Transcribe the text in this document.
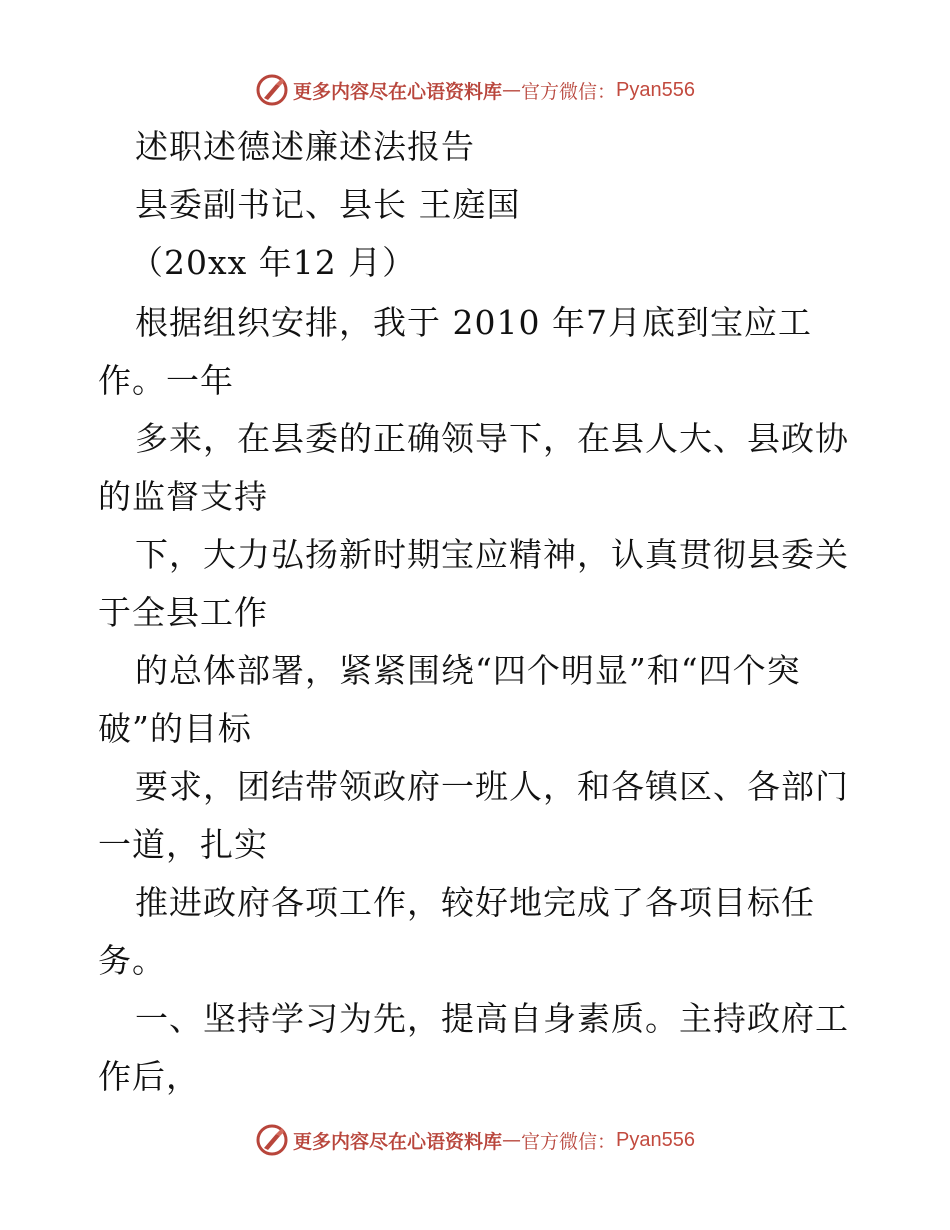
更多内容尽在心语资料库 — 官方微信： Pyan556
述职述德述廉述法报告
县委副书记、县长 王庭国
（20xx 年12 月）
根据组织安排，我于 2010 年7月底到宝应工
作。一年
多来，在县委的正确领导下，在县人大、县政协
的监督支持
下，大力弘扬新时期宝应精神，认真贯彻县委关
于全县工作
的总体部署，紧紧围绕“四个明显”和“四个突
破”的目标
要求，团结带领政府一班人，和各镇区、各部门
一道，扎实
推进政府各项工作，较好地完成了各项目标任
务。
一、坚持学习为先，提高自身素质。主持政府工
作后，
更多内容尽在心语资料库 — 官方微信： Pyan556
